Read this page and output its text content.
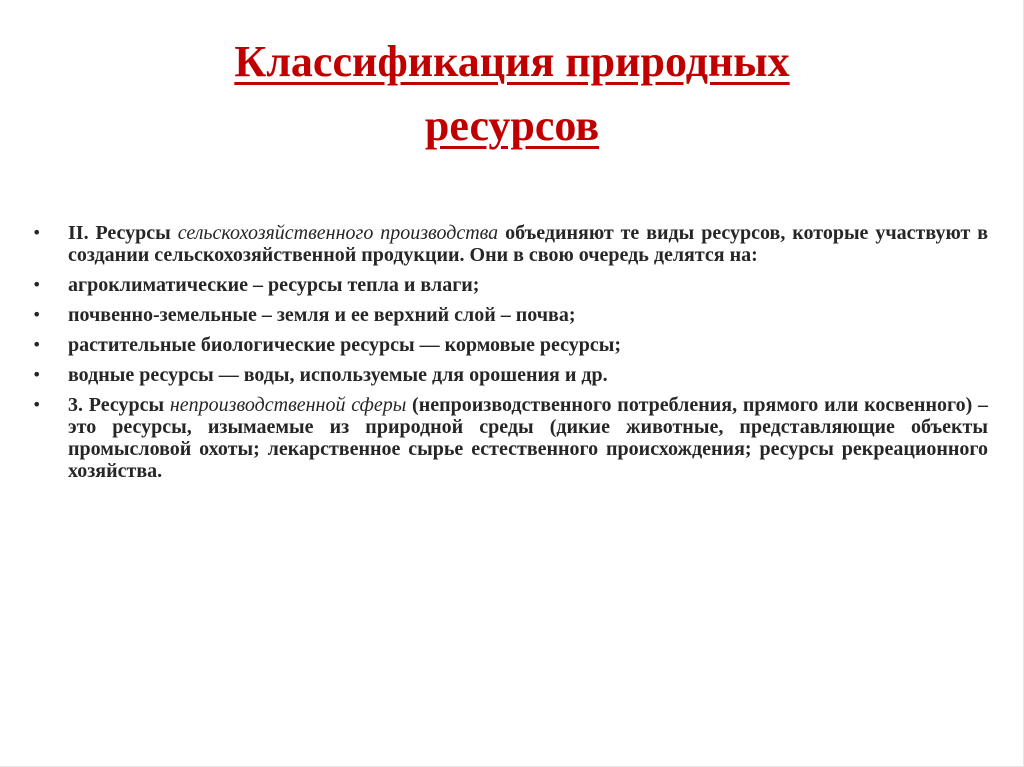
Классификация природных
ресурсов
•	II. Ресурсы сельскохозяйственного производства объединяют те виды ресурсов, которые участвуют в создании сельскохозяйственной продукции. Они в свою очередь делятся на:
•	агроклиматические – ресурсы тепла и влаги;
•	почвенно-земельные – земля и ее верхний слой – почва;
•	растительные биологические ресурсы — кормовые ресурсы;
•	водные ресурсы — воды, используемые для орошения и др.
•	3. Ресурсы непроизводственной сферы (непроизводственного потребления, прямого или косвенного) – это ресурсы, изымаемые из природной среды (дикие животные, представляющие объекты промысловой охоты; лекарственное сырье естественного происхождения; ресурсы рекреационного хозяйства.
